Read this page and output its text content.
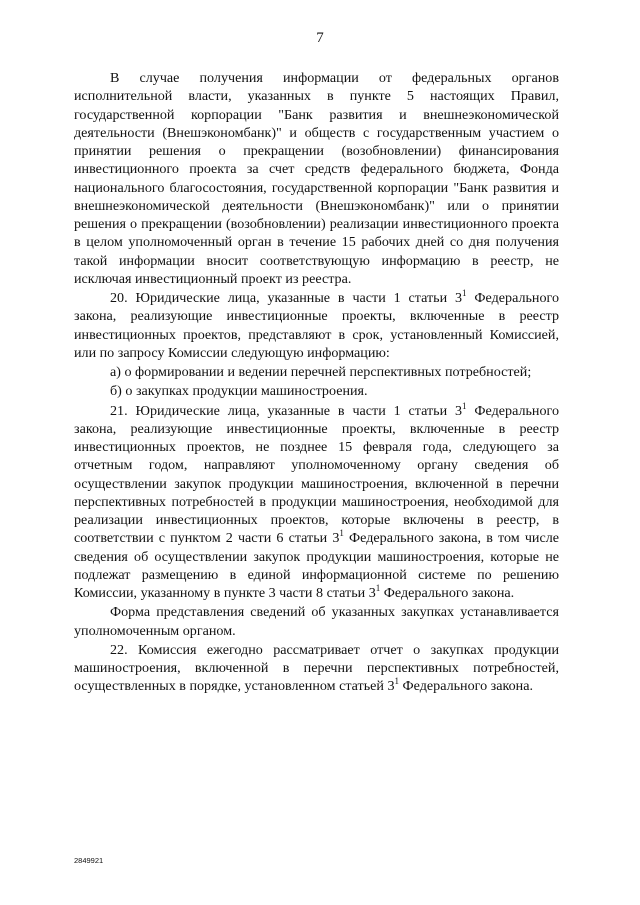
7

В случае получения информации от федеральных органов исполнительной власти, указанных в пункте 5 настоящих Правил, государственной корпорации "Банк развития и внешнеэкономической деятельности (Внешэкономбанк)" и обществ с государственным участием о принятии решения о прекращении (возобновлении) финансирования инвестиционного проекта за счет средств федерального бюджета, Фонда национального благосостояния, государственной корпорации "Банк развития и внешнеэкономической деятельности (Внешэкономбанк)" или о принятии решения о прекращении (возобновлении) реализации инвестиционного проекта в целом уполномоченный орган в течение 15 рабочих дней со дня получения такой информации вносит соответствующую информацию в реестр, не исключая инвестиционный проект из реестра.

20. Юридические лица, указанные в части 1 статьи $3^1$ Федерального закона, реализующие инвестиционные проекты, включенные в реестр инвестиционных проектов, представляют в срок, установленный Комиссией, или по запросу Комиссии следующую информацию:

а) о формировании и ведении перечней перспективных потребностей;

б) о закупках продукции машиностроения.

21. Юридические лица, указанные в части 1 статьи $3^1$ Федерального закона, реализующие инвестиционные проекты, включенные в реестр инвестиционных проектов, не позднее 15 февраля года, следующего за отчетным годом, направляют уполномоченному органу сведения об осуществлении закупок продукции машиностроения, включенной в перечни перспективных потребностей в продукции машиностроения, необходимой для реализации инвестиционных проектов, которые включены в реестр, в соответствии с пунктом 2 части 6 статьи $3^1$ Федерального закона, в том числе сведения об осуществлении закупок продукции машиностроения, которые не подлежат размещению в единой информационной системе по решению Комиссии, указанному в пункте 3 части 8 статьи $3^1$ Федерального закона.

Форма представления сведений об указанных закупках устанавливается уполномоченным органом.

22. Комиссия ежегодно рассматривает отчет о закупках продукции машиностроения, включенной в перечни перспективных потребностей, осуществленных в порядке, установленном статьей $3^1$ Федерального закона.

2849921
